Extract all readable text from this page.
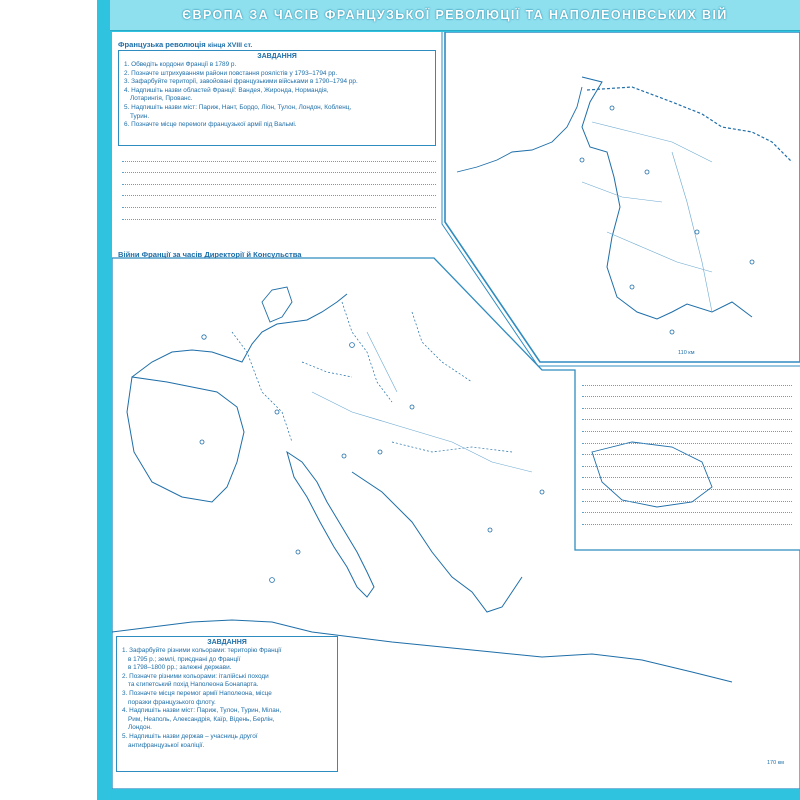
ЄВРОПА ЗА ЧАСІВ ФРАНЦУЗЬКОЇ РЕВОЛЮЦІЇ ТА НАПОЛЕОНІВСЬКИХ ВІЙ
Французька революція кінця XVIII ст.
ЗАВДАННЯ
1. Обведіть кордони Франції в 1789 р.
2. Позначте штрихуванням райони повстання роялістів у 1793–1794 рр.
3. Зафарбуйте території, завойовані французькими військами в 1790–1794 рр.
4. Надпишіть назви областей Франції: Вандея, Жиронда, Нормандія,
Лотарингія, Прованс.
5. Надпишіть назви міст: Париж, Нант, Бордо, Ліон, Тулон, Лондон, Кобленц,
Турин.
6. Позначте місце перемоги французької армії під Вальмі.
110 км
Війни Франції за часів Директорії й Консульства
ЗАВДАННЯ
1. Зафарбуйте різними кольорами: територію Франції
в 1795 р.; землі, приєднані до Франції
в 1798–1800 рр.; залежні держави.
2. Позначте різними кольорами: італійські походи
та єгипетський похід Наполеона Бонапарта.
3. Позначте місця перемог армії Наполеона, місце
поразки французького флоту.
4. Надпишіть назви міст: Париж, Тулон, Турин, Мілан,
Рим, Неаполь, Александрія, Каїр, Відень, Берлін,
Лондон.
5. Надпишіть назви держав – учасниць другої
антифранцузької коаліції.
170 км
